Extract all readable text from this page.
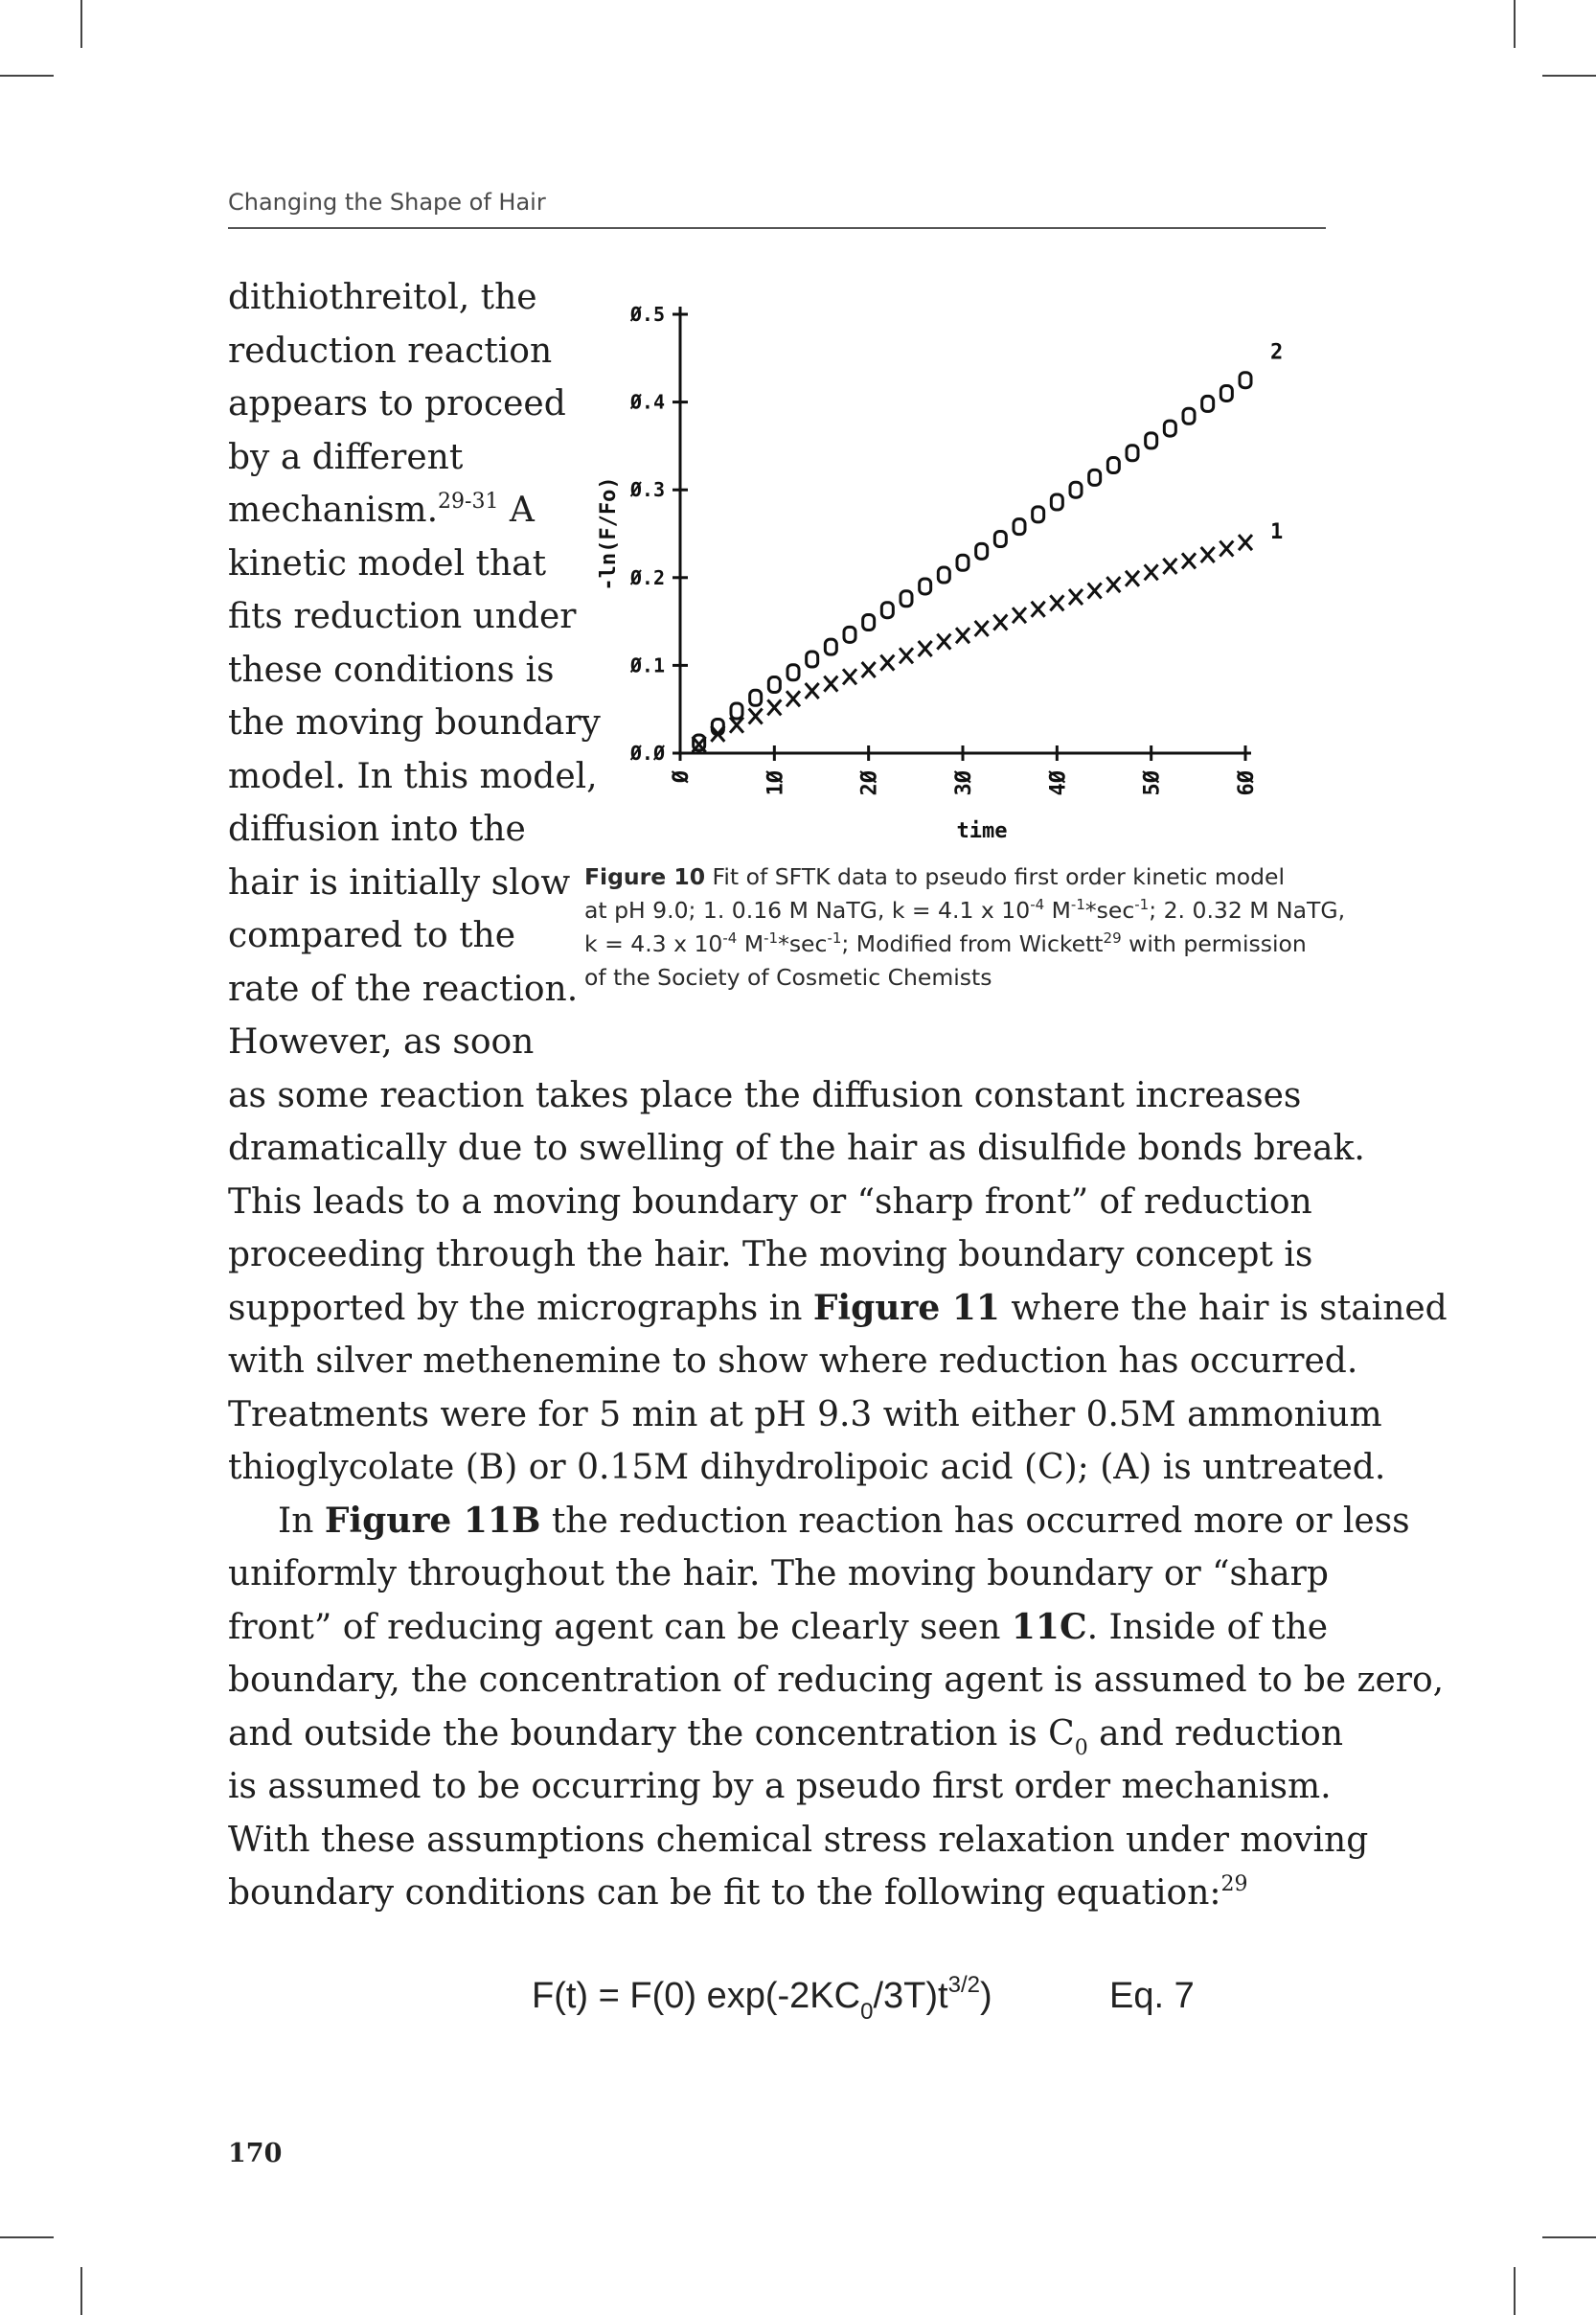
Changing the Shape of Hair
dithiothreitol, the
reduction reaction
appears to proceed
by a different
mechanism.$^{29-31}$ A
kinetic model that
fits reduction under
these conditions is
the moving boundary
model. In this model,
diffusion into the
hair is initially slow
compared to the
rate of the reaction.
However, as soon
as some reaction takes place the diffusion constant increases
dramatically due to swelling of the hair as disulfide bonds break.
This leads to a moving boundary or “sharp front” of reduction
proceeding through the hair. The moving boundary concept is
supported by the micrographs in Figure 11 where the hair is stained
with silver methenemine to show where reduction has occurred.
Treatments were for 5 min at pH 9.3 with either 0.5M ammonium
thioglycolate (B) or 0.15M dihydrolipoic acid (C); (A) is untreated.
In Figure 11B the reduction reaction has occurred more or less
uniformly throughout the hair. The moving boundary or “sharp
front” of reducing agent can be clearly seen 11C. Inside of the
boundary, the concentration of reducing agent is assumed to be zero,
and outside the boundary the concentration is $C_0$ and reduction
is assumed to be occurring by a pseudo first order mechanism.
With these assumptions chemical stress relaxation under moving
boundary conditions can be fit to the following equation:$^{29}$
Ø.Ø
Ø.1
Ø.2
Ø.3
Ø.4
Ø.5
Ø	1Ø	2Ø	3Ø	4Ø	5Ø	6Ø
time
-ln(F/Fo)	1
2
Figure 10 Fit of SFTK data to pseudo first order kinetic model
at pH 9.0; 1. 0.16 M NaTG, k = 4.1 x $10^{-4}$ $M^{-1}*\sec^{-1}$; 2. 0.32 M NaTG,
k = 4.3 x $10^{-4}$ $M^{-1}*\sec^{-1}$; Modified from Wickett$^{29}$ with permission
of the Society of Cosmetic Chemists
F(t) = F(0) $\exp(-2KC_0/3T)t^{3/2}$)	Eq. 7
170
